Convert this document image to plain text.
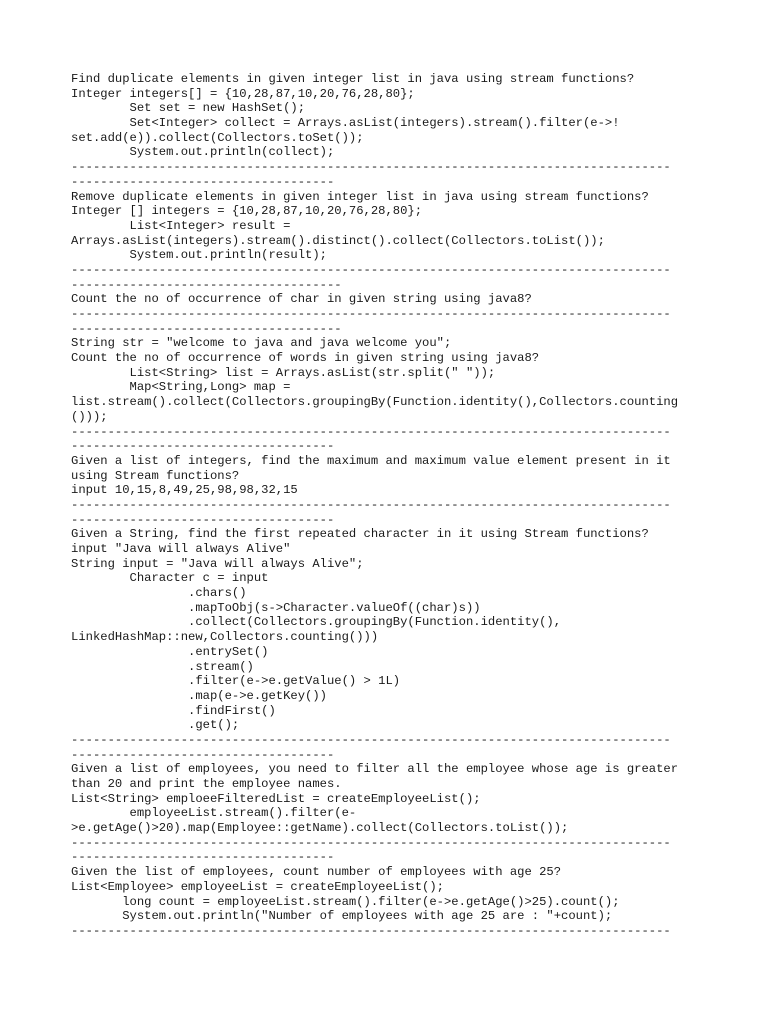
Find duplicate elements in given integer list in java using stream functions?
Integer integers[] = {10,28,87,10,20,76,28,80};
Set set = new HashSet();
Set<Integer> collect = Arrays.asList(integers).stream().filter(e->!
set.add(e)).collect(Collectors.toSet());
System.out.println(collect);
----------------------------------------------------------------------------------
------------------------------------
Remove duplicate elements in given integer list in java using stream functions?
Integer [] integers = {10,28,87,10,20,76,28,80};
List<Integer> result =
Arrays.asList(integers).stream().distinct().collect(Collectors.toList());
System.out.println(result);
----------------------------------------------------------------------------------
-------------------------------------
Count the no of occurrence of char in given string using java8?
----------------------------------------------------------------------------------
-------------------------------------
String str = "welcome to java and java welcome you";
Count the no of occurrence of words in given string using java8?
List<String> list = Arrays.asList(str.split(" "));
Map<String,Long> map =
list.stream().collect(Collectors.groupingBy(Function.identity(),Collectors.counting
()));
----------------------------------------------------------------------------------
------------------------------------
Given a list of integers, find the maximum and maximum value element present in it
using Stream functions?
input 10,15,8,49,25,98,98,32,15
----------------------------------------------------------------------------------
------------------------------------
Given a String, find the first repeated character in it using Stream functions?
input "Java will always Alive"
String input = "Java will always Alive";
Character c = input
.chars()
.mapToObj(s->Character.valueOf((char)s))
.collect(Collectors.groupingBy(Function.identity(),
LinkedHashMap::new,Collectors.counting()))
.entrySet()
.stream()
.filter(e->e.getValue() > 1L)
.map(e->e.getKey())
.findFirst()
.get();
----------------------------------------------------------------------------------
------------------------------------
Given a list of employees, you need to filter all the employee whose age is greater
than 20 and print the employee names.
List<String> emploeeFilteredList = createEmployeeList();
employeeList.stream().filter(e-
>e.getAge()>20).map(Employee::getName).collect(Collectors.toList());
----------------------------------------------------------------------------------
------------------------------------
Given the list of employees, count number of employees with age 25?
List<Employee> employeeList = createEmployeeList();
long count = employeeList.stream().filter(e->e.getAge()>25).count();
System.out.println("Number of employees with age 25 are : "+count);
----------------------------------------------------------------------------------
